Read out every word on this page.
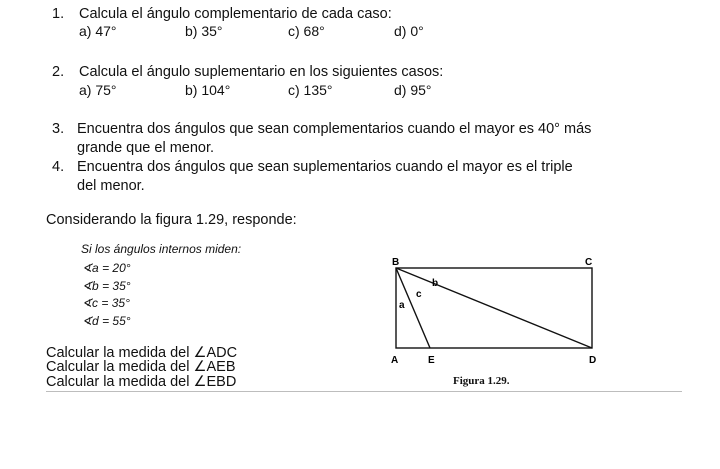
1. Calcula el ángulo complementario de cada caso:
a) 47°	b) 35°	c) 68°	d) 0°
2. Calcula el ángulo suplementario en los siguientes casos:
a) 75°	b) 104°	c) 135°	d) 95°
3. Encuentra dos ángulos que sean complementarios cuando el mayor es 40° más
grande que el menor.
4. Encuentra dos ángulos que sean suplementarios cuando el mayor es el triple
del menor.
Considerando la figura 1.29, responde:
Si los ángulos internos miden:
∢a = 20°
∢b = 35°
∢c = 35°
∢d = 55°
Calcular la medida del ∠ADC
Calcular la medida del ∠AEB
Calcular la medida del ∠EBD
B	C
A	E	D
a
b
c
Figura 1.29.
